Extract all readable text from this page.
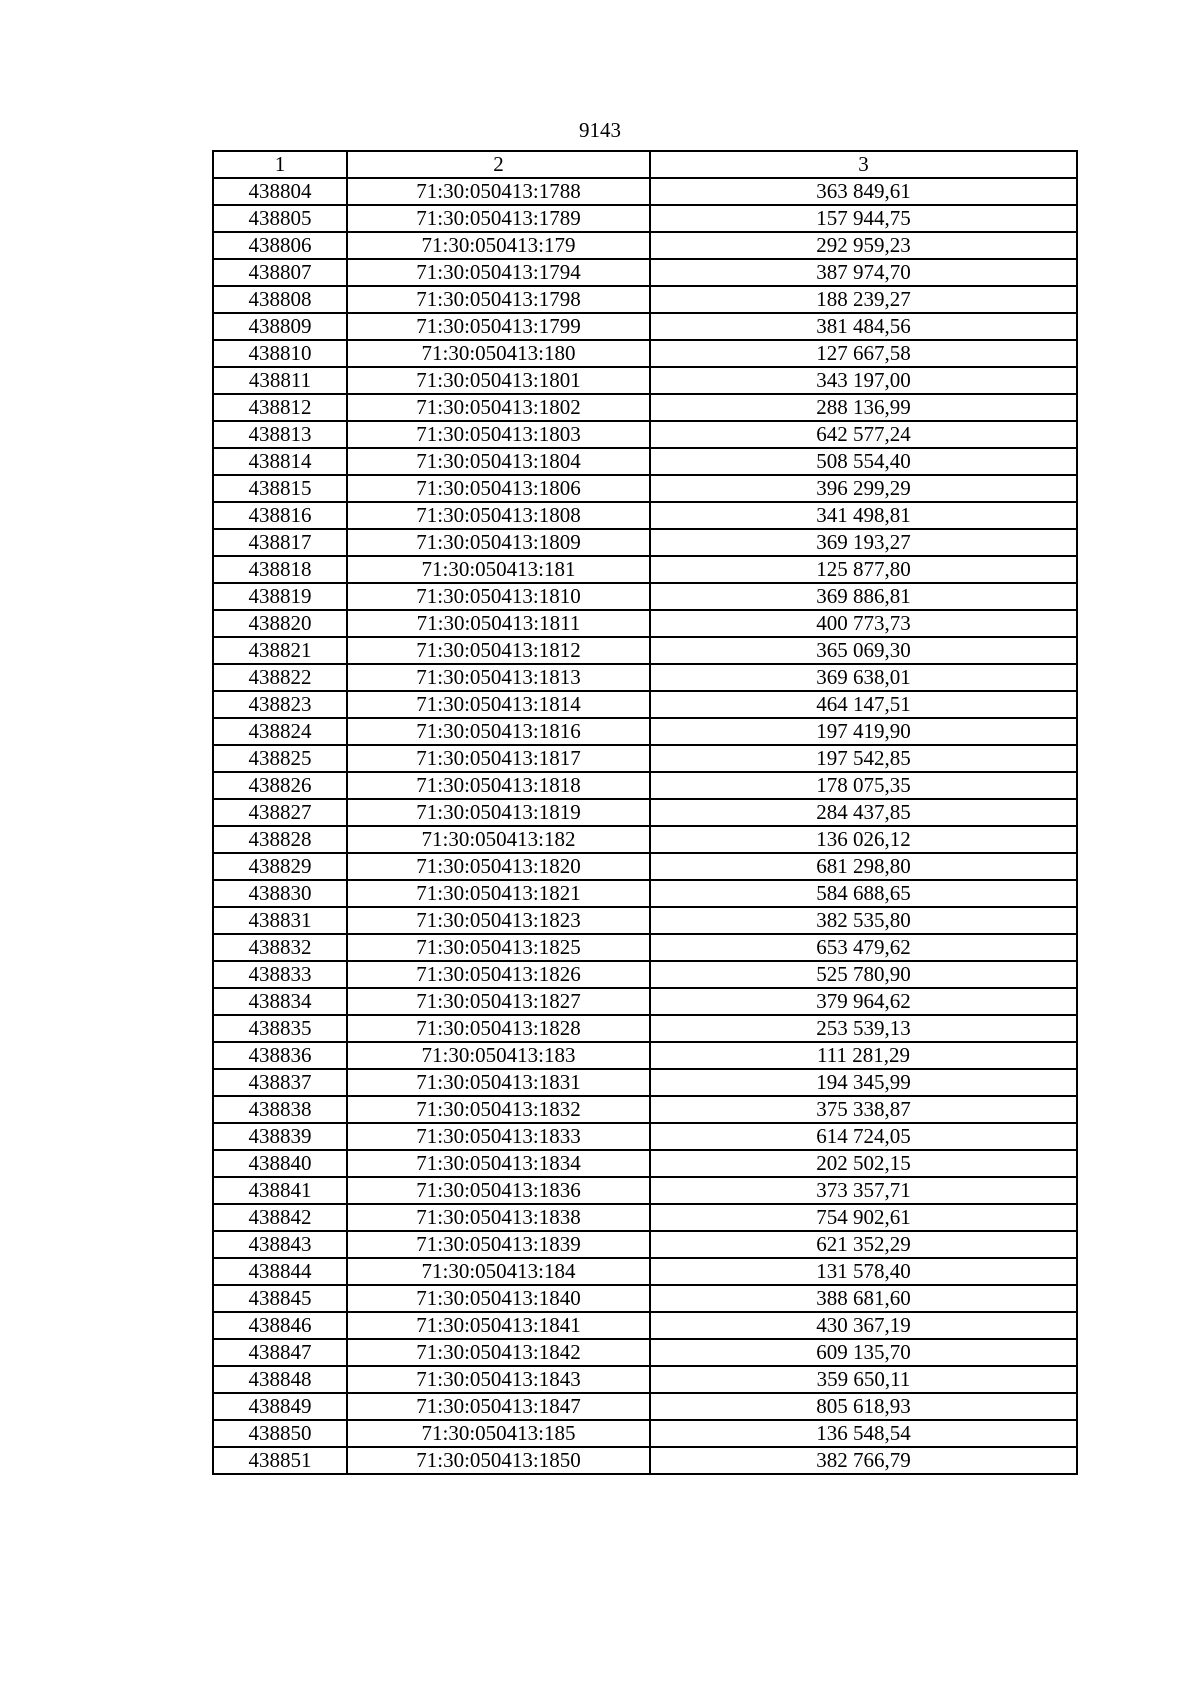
9143
1	2	3
438804	71:30:050413:1788	363 849,61
438805	71:30:050413:1789	157 944,75
438806	71:30:050413:179	292 959,23
438807	71:30:050413:1794	387 974,70
438808	71:30:050413:1798	188 239,27
438809	71:30:050413:1799	381 484,56
438810	71:30:050413:180	127 667,58
438811	71:30:050413:1801	343 197,00
438812	71:30:050413:1802	288 136,99
438813	71:30:050413:1803	642 577,24
438814	71:30:050413:1804	508 554,40
438815	71:30:050413:1806	396 299,29
438816	71:30:050413:1808	341 498,81
438817	71:30:050413:1809	369 193,27
438818	71:30:050413:181	125 877,80
438819	71:30:050413:1810	369 886,81
438820	71:30:050413:1811	400 773,73
438821	71:30:050413:1812	365 069,30
438822	71:30:050413:1813	369 638,01
438823	71:30:050413:1814	464 147,51
438824	71:30:050413:1816	197 419,90
438825	71:30:050413:1817	197 542,85
438826	71:30:050413:1818	178 075,35
438827	71:30:050413:1819	284 437,85
438828	71:30:050413:182	136 026,12
438829	71:30:050413:1820	681 298,80
438830	71:30:050413:1821	584 688,65
438831	71:30:050413:1823	382 535,80
438832	71:30:050413:1825	653 479,62
438833	71:30:050413:1826	525 780,90
438834	71:30:050413:1827	379 964,62
438835	71:30:050413:1828	253 539,13
438836	71:30:050413:183	111 281,29
438837	71:30:050413:1831	194 345,99
438838	71:30:050413:1832	375 338,87
438839	71:30:050413:1833	614 724,05
438840	71:30:050413:1834	202 502,15
438841	71:30:050413:1836	373 357,71
438842	71:30:050413:1838	754 902,61
438843	71:30:050413:1839	621 352,29
438844	71:30:050413:184	131 578,40
438845	71:30:050413:1840	388 681,60
438846	71:30:050413:1841	430 367,19
438847	71:30:050413:1842	609 135,70
438848	71:30:050413:1843	359 650,11
438849	71:30:050413:1847	805 618,93
438850	71:30:050413:185	136 548,54
438851	71:30:050413:1850	382 766,79
